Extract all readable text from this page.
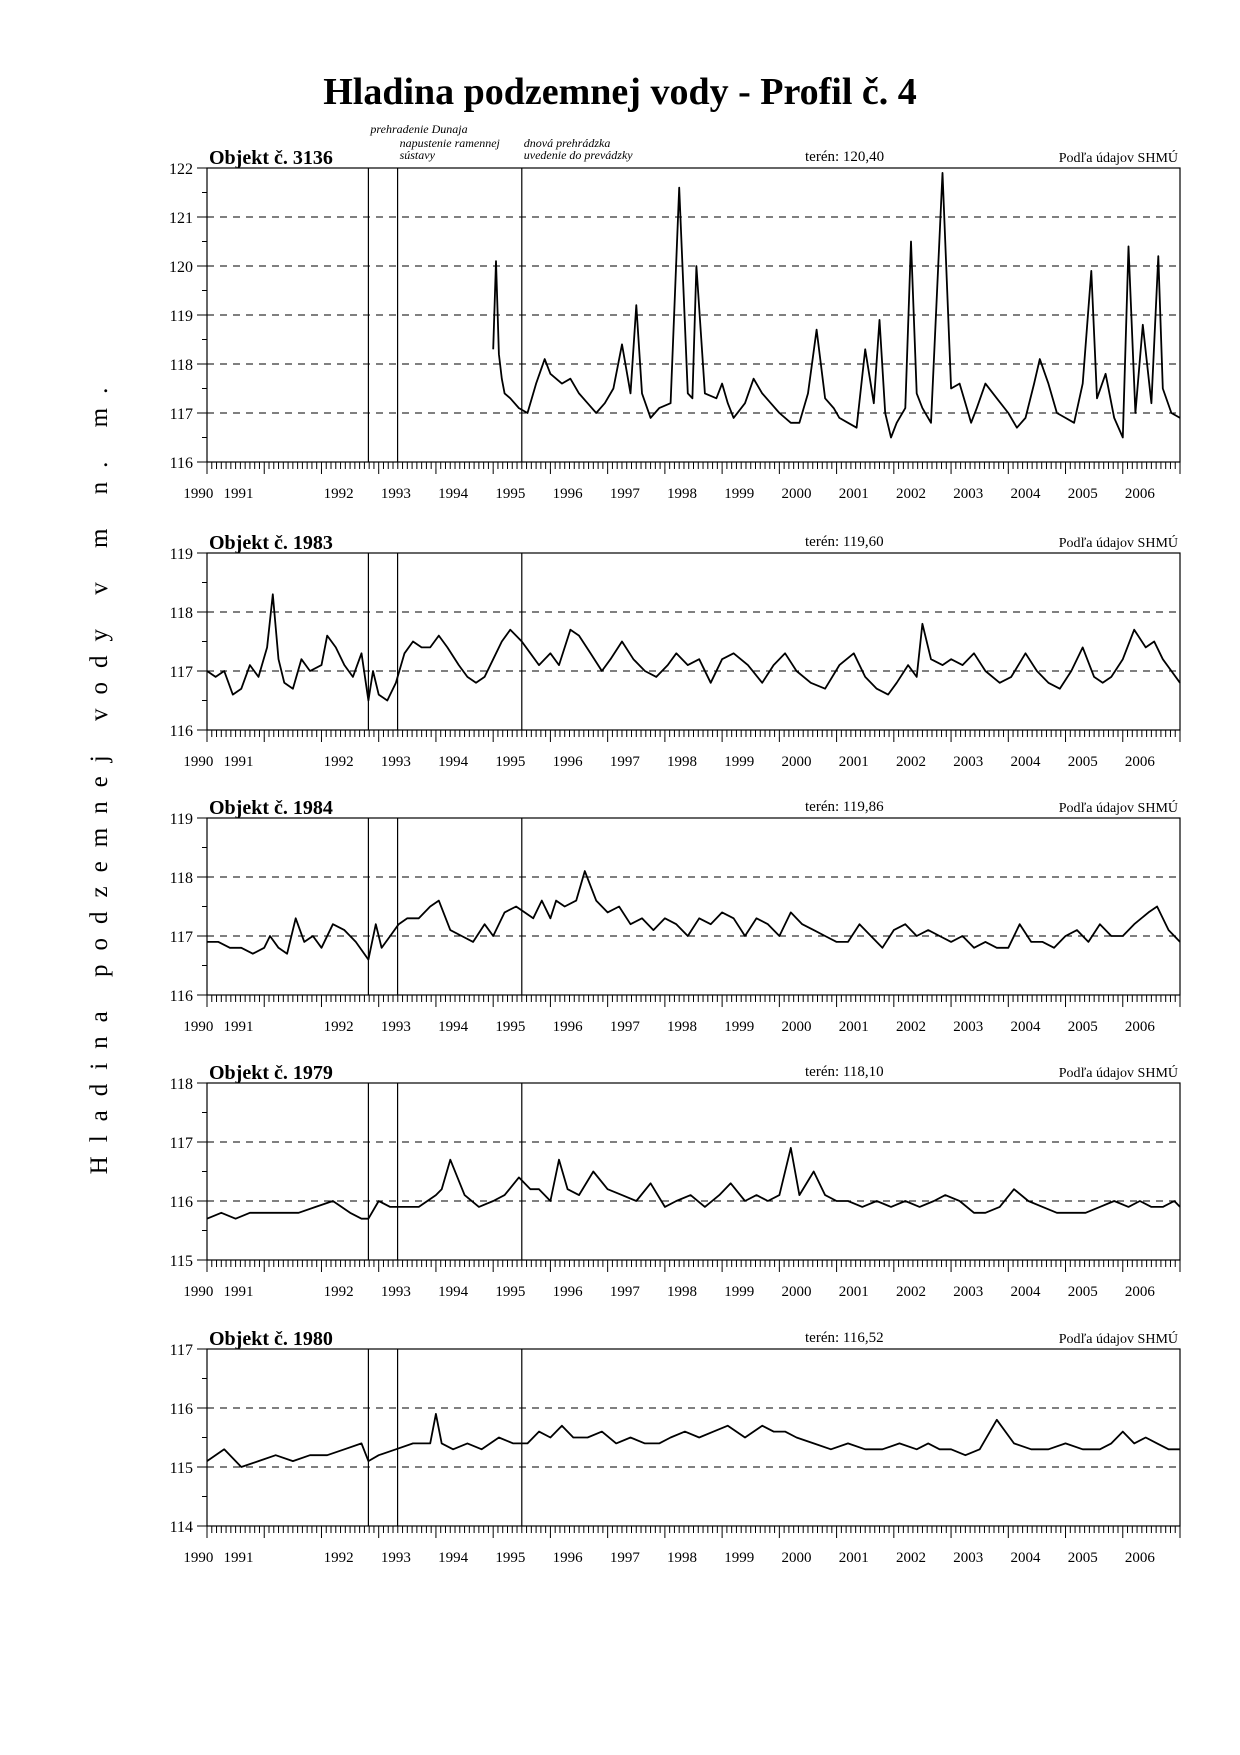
Hladina podzemnej vody - Profil č. 4
Hladina podzemnej vody v m n. m.	116
117
118
119
120
121
122
1990 1991	1992 1993 1994 1995 1996 1997 1998 1999 2000 2001 2002 2003 2004 2005 2006
Objekt č. 3136	terén: 120,40	Podľa údajov SHMÚ
116
117
118
119
1990 1991	1992 1993 1994 1995 1996 1997 1998 1999 2000 2001 2002 2003 2004 2005 2006
Objekt č. 1983	terén: 119,60	Podľa údajov SHMÚ
116
117
118
119
1990 1991	1992 1993 1994 1995 1996 1997 1998 1999 2000 2001 2002 2003 2004 2005 2006
Objekt č. 1984	terén: 119,86	Podľa údajov SHMÚ
115
116
117
118
1990 1991	1992 1993 1994 1995 1996 1997 1998 1999 2000 2001 2002 2003 2004 2005 2006
Objekt č. 1979	terén: 118,10	Podľa údajov SHMÚ
114
115
116
117
1990 1991	1992 1993 1994 1995 1996 1997 1998 1999 2000 2001 2002 2003 2004 2005 2006
Objekt č. 1980	terén: 116,52	Podľa údajov SHMÚ
prehradenie Dunaja
napustenie ramennej
sústavy
dnová prehrádzka
uvedenie do prevádzky
